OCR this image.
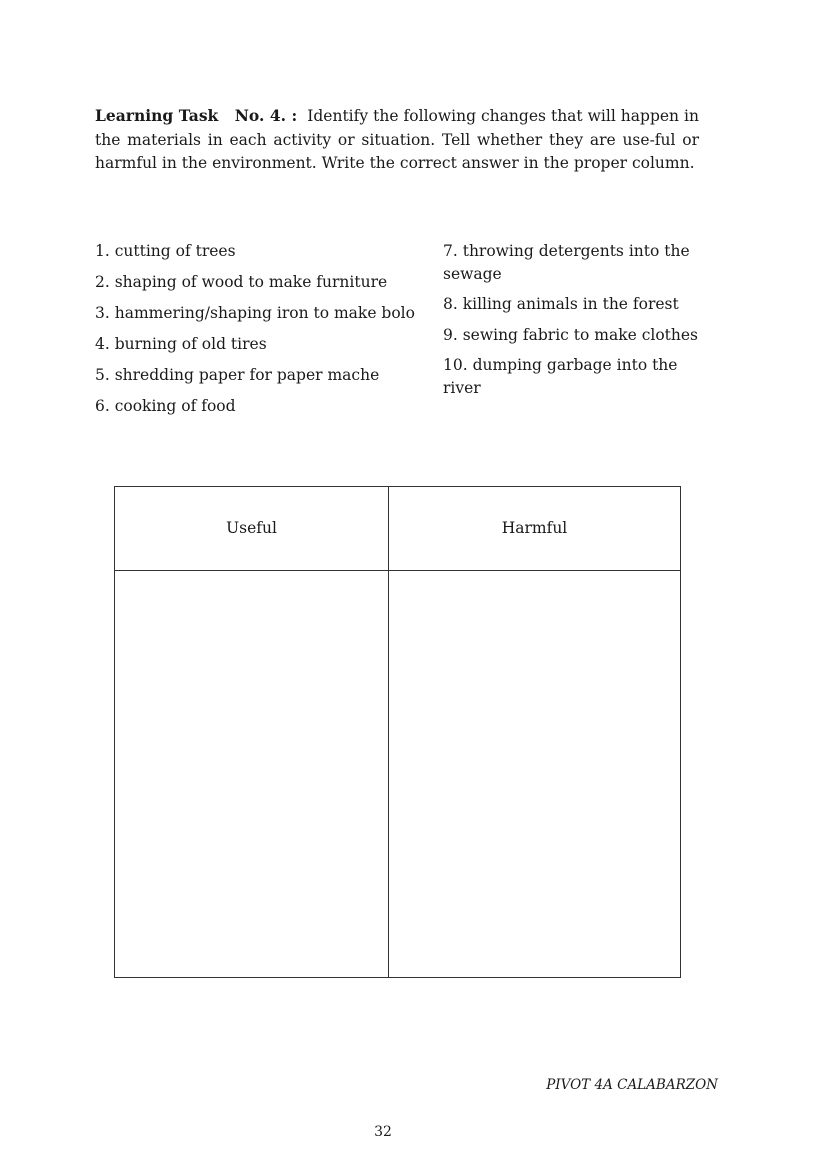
Learning Task   No. 4. : Identify the following changes that will happen in the materials in each activity or situation. Tell whether they are use-ful or harmful in the environment. Write the correct answer in the proper column.
1. cutting of trees
2. shaping of wood to make furniture
3. hammering/shaping iron to make bolo
4. burning of old tires
5. shredding paper for paper mache
6. cooking of food
7. throwing detergents into the sewage
8. killing animals in the forest
9. sewing fabric to make clothes
10. dumping garbage into the river
Useful	Harmful

PIVOT 4A CALABARZON
32
